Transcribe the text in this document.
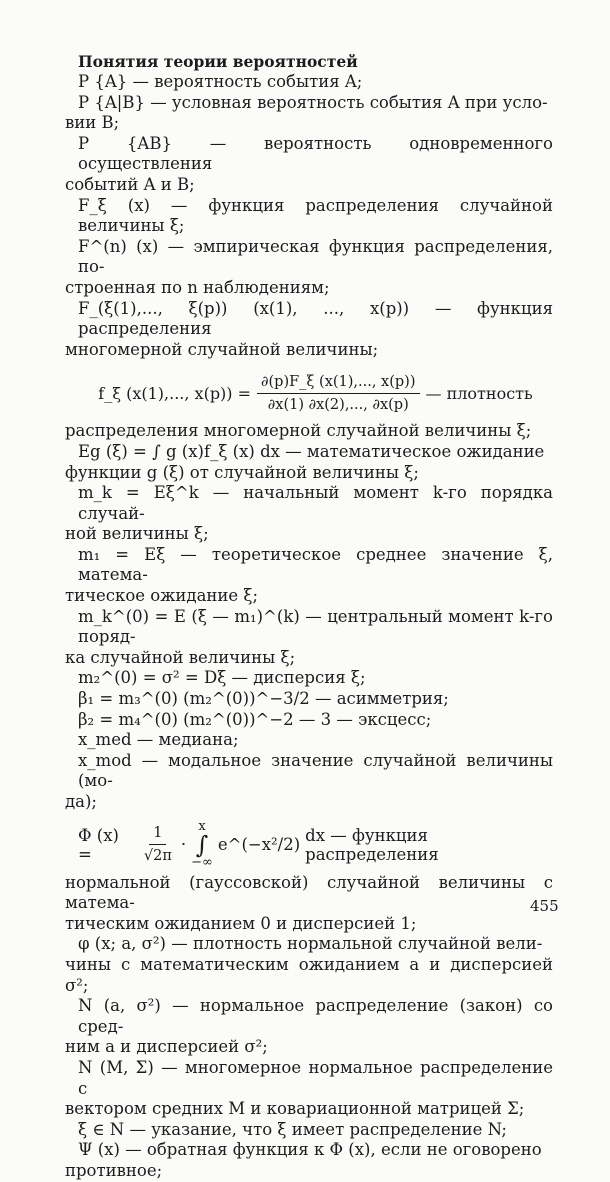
Понятия теории вероятностей
P {A} — вероятность события A;
P {A|B} — условная вероятность события A при усло-
вии B;
P {AB} — вероятность одновременного осуществления
событий A и B;
F_ξ (x) — функция распределения случайной величины ξ;
F^(n) (x) — эмпирическая функция распределения, по-
строенная по n наблюдениям;
F_(ξ(1),..., ξ(p)) (x(1), ..., x(p)) — функция распределения
многомерной случайной величины;
f_ξ (x(1),..., $x(p)) = \frac{\partial(p)F\_\xi (x(1),..., x(p))}{\partial x(1) \partial x(2),..., \partial x(p)}$ — плотность
распределения многомерной случайной величины ξ;
Eg (ξ) = ∫ g (x)f_ξ (x) dx — математическое ожидание
функции g (ξ) от случайной величины ξ;
m_k = Eξ^k — начальный момент k-го порядка случай-
ной величины ξ;
m₁ = Eξ — теоретическое среднее значение ξ, матема-
тическое ожидание ξ;
m_k^(0) = E (ξ — m₁)^(k) — центральный момент k-го поряд-
ка случайной величины ξ;
m₂^(0) = σ² = Dξ — дисперсия ξ;
β₁ = m₃^(0) (m₂^(0))^−3/2 — асимметрия;
β₂ = m₄^(0) (m₂^(0))^−2 — 3 — эксцесс;
x_med — медиана;
x_mod — модальное значение случайной величины (мо-
да);
Φ (x) =	$\frac{1}{√2\pi}$ ·
x
∫
−∞
e^(−x²/2) dx — функция распределения
нормальной (гауссовской) случайной величины с матема-
тическим ожиданием 0 и дисперсией 1;
φ (x; a, σ²) — плотность нормальной случайной вели-
чины с математическим ожиданием a и дисперсией σ²;
N (a, σ²) — нормальное распределение (закон) со сред-
ним a и дисперсией σ²;
N (M, Σ) — многомерное нормальное распределение с
вектором средних M и ковариационной матрицей Σ;
ξ ∈ N — указание, что ξ имеет распределение N;
Ψ (x) — обратная функция к Φ (x), если не оговорено
противное;
455
